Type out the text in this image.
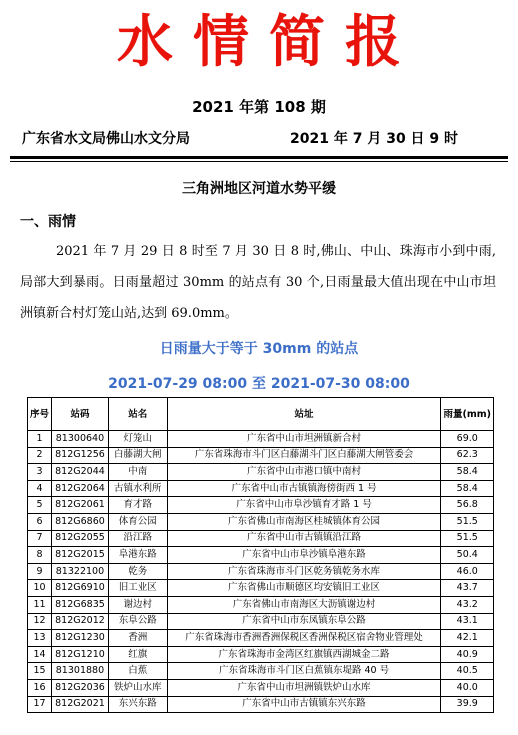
水情简报
2021 年第 108 期
广东省水文局佛山水文分局	2021 年 7 月 30 日 9 时
三角洲地区河道水势平缓
一、雨情
2021 年 7 月 29 日 8 时至 7 月 30 日 8 时,佛山、中山、珠海市小到中雨,局部大到暴雨。日雨量超过 30mm 的站点有 30 个,日雨量最大值出现在中山市坦洲镇新合村灯笼山站,达到 69.0mm。
日雨量大于等于 30mm 的站点
2021-07-29 08:00 至 2021-07-30 08:00
序号	站码	站名	站址	雨量(mm)
1	81300640	灯笼山	广东省中山市坦洲镇新合村	69.0
2	812G1256	白藤湖大闸	广东省珠海市斗门区白藤湖斗门区白藤湖大闸管委会	62.3
3	812G2044	中南	广东省中山市港口镇中南村	58.4
4	812G2064	古镇水利所	广东省中山市古镇镇海傍街西 1 号	58.4
5	812G2061	育才路	广东省中山市阜沙镇育才路 1 号	56.8
6	812G6860	体育公园	广东省佛山市南海区桂城镇体育公园	51.5
7	812G2055	沿江路	广东省中山市古镇镇沿江路	51.5
8	812G2015	阜港东路	广东省中山市阜沙镇阜港东路	50.4
9	81322100	乾务	广东省珠海市斗门区乾务镇乾务水库	46.0
10	812G6910	旧工业区	广东省佛山市顺德区均安镇旧工业区	43.7
11	812G6835	谢边村	广东省佛山市南海区大沥镇谢边村	43.2
12	812G2012	东阜公路	广东省中山市东凤镇东阜公路	43.1
13	812G1230	香洲	广东省珠海市香洲香洲保税区香洲保税区宿舍物业管理处	42.1
14	812G1210	红旗	广东省珠海市金湾区红旗镇西湖城金二路	40.9
15	81301880	白蕉	广东省珠海市斗门区白蕉镇东堤路 40 号	40.5
16	812G2036	铁炉山水库	广东省中山市坦洲镇铁炉山水库	40.0
17	812G2021	东兴东路	广东省中山市古镇镇东兴东路	39.9
